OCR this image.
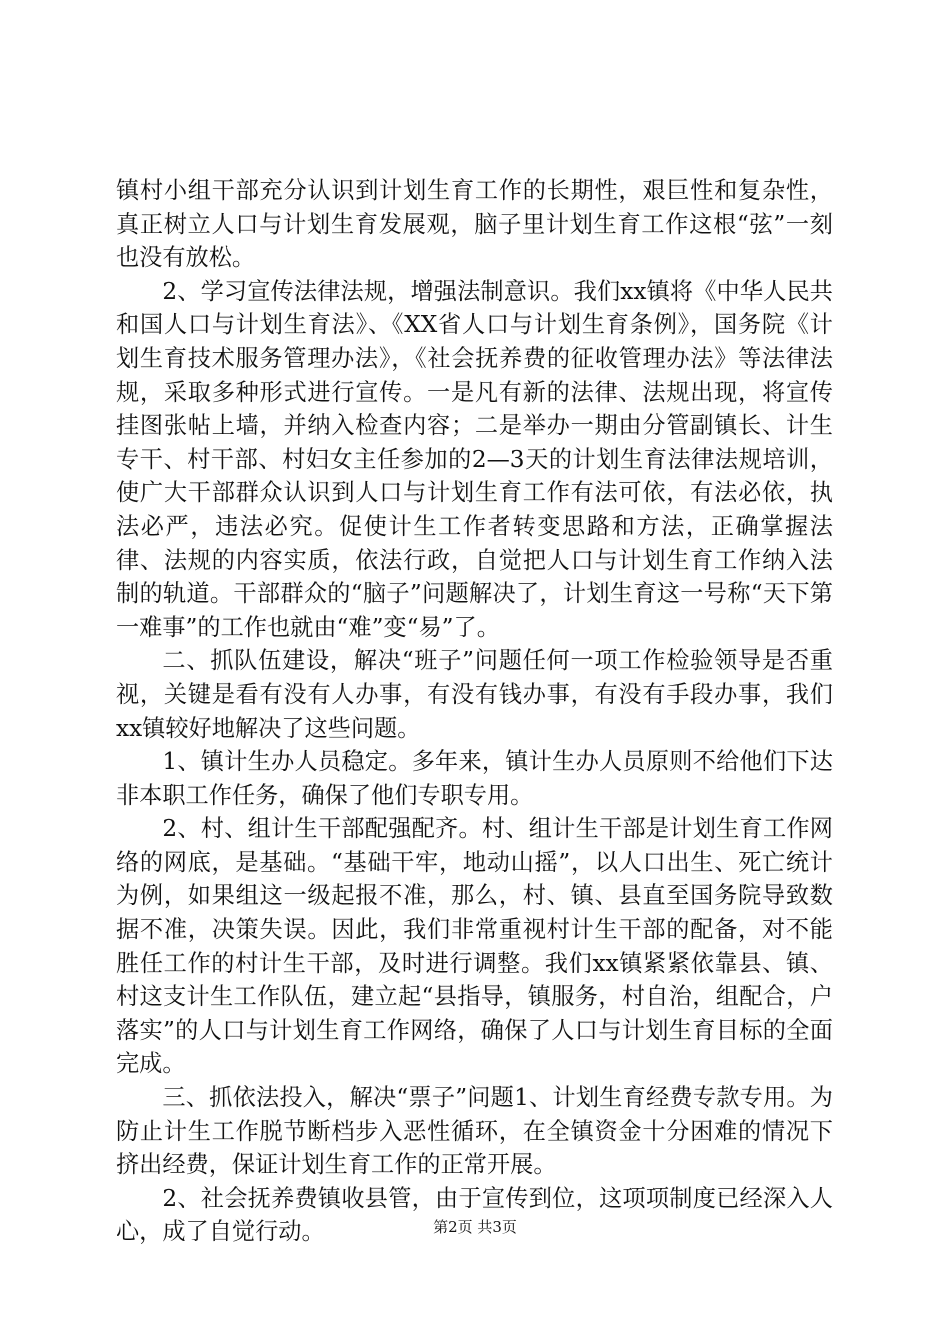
镇村小组干部充分认识到计划生育工作的长期性，艰巨性和复杂性，真正树立人口与计划生育发展观，脑子里计划生育工作这根“弦”一刻也没有放松。

2、学习宣传法律法规，增强法制意识。我们xx镇将《中华人民共和国人口与计划生育法》、《XX省人口与计划生育条例》，国务院《计划生育技术服务管理办法》，《社会抚养费的征收管理办法》等法律法规，采取多种形式进行宣传。一是凡有新的法律、法规出现，将宣传挂图张帖上墙，并纳入检查内容；二是举办一期由分管副镇长、计生专干、村干部、村妇女主任参加的2—3天的计划生育法律法规培训，使广大干部群众认识到人口与计划生育工作有法可依，有法必依，执法必严，违法必究。促使计生工作者转变思路和方法，正确掌握法律、法规的内容实质，依法行政，自觉把人口与计划生育工作纳入法制的轨道。干部群众的“脑子”问题解决了，计划生育这一号称“天下第一难事”的工作也就由“难”变“易”了。

二、抓队伍建设，解决“班子”问题任何一项工作检验领导是否重视，关键是看有没有人办事，有没有钱办事，有没有手段办事，我们xx镇较好地解决了这些问题。

1、镇计生办人员稳定。多年来，镇计生办人员原则不给他们下达非本职工作任务，确保了他们专职专用。

2、村、组计生干部配强配齐。村、组计生干部是计划生育工作网络的网底，是基础。“基础干牢，地动山摇”，以人口出生、死亡统计为例，如果组这一级起报不准，那么，村、镇、县直至国务院导致数据不准，决策失误。因此，我们非常重视村计生干部的配备，对不能胜任工作的村计生干部，及时进行调整。我们xx镇紧紧依靠县、镇、村这支计生工作队伍，建立起“县指导，镇服务，村自治，组配合，户落实”的人口与计划生育工作网络，确保了人口与计划生育目标的全面完成。

三、抓依法投入，解决“票子”问题1、计划生育经费专款专用。为防止计生工作脱节断档步入恶性循环，在全镇资金十分困难的情况下挤出经费，保证计划生育工作的正常开展。

2、社会抚养费镇收县管，由于宣传到位，这项项制度已经深入人心，成了自觉行动。	第2页 共3页
